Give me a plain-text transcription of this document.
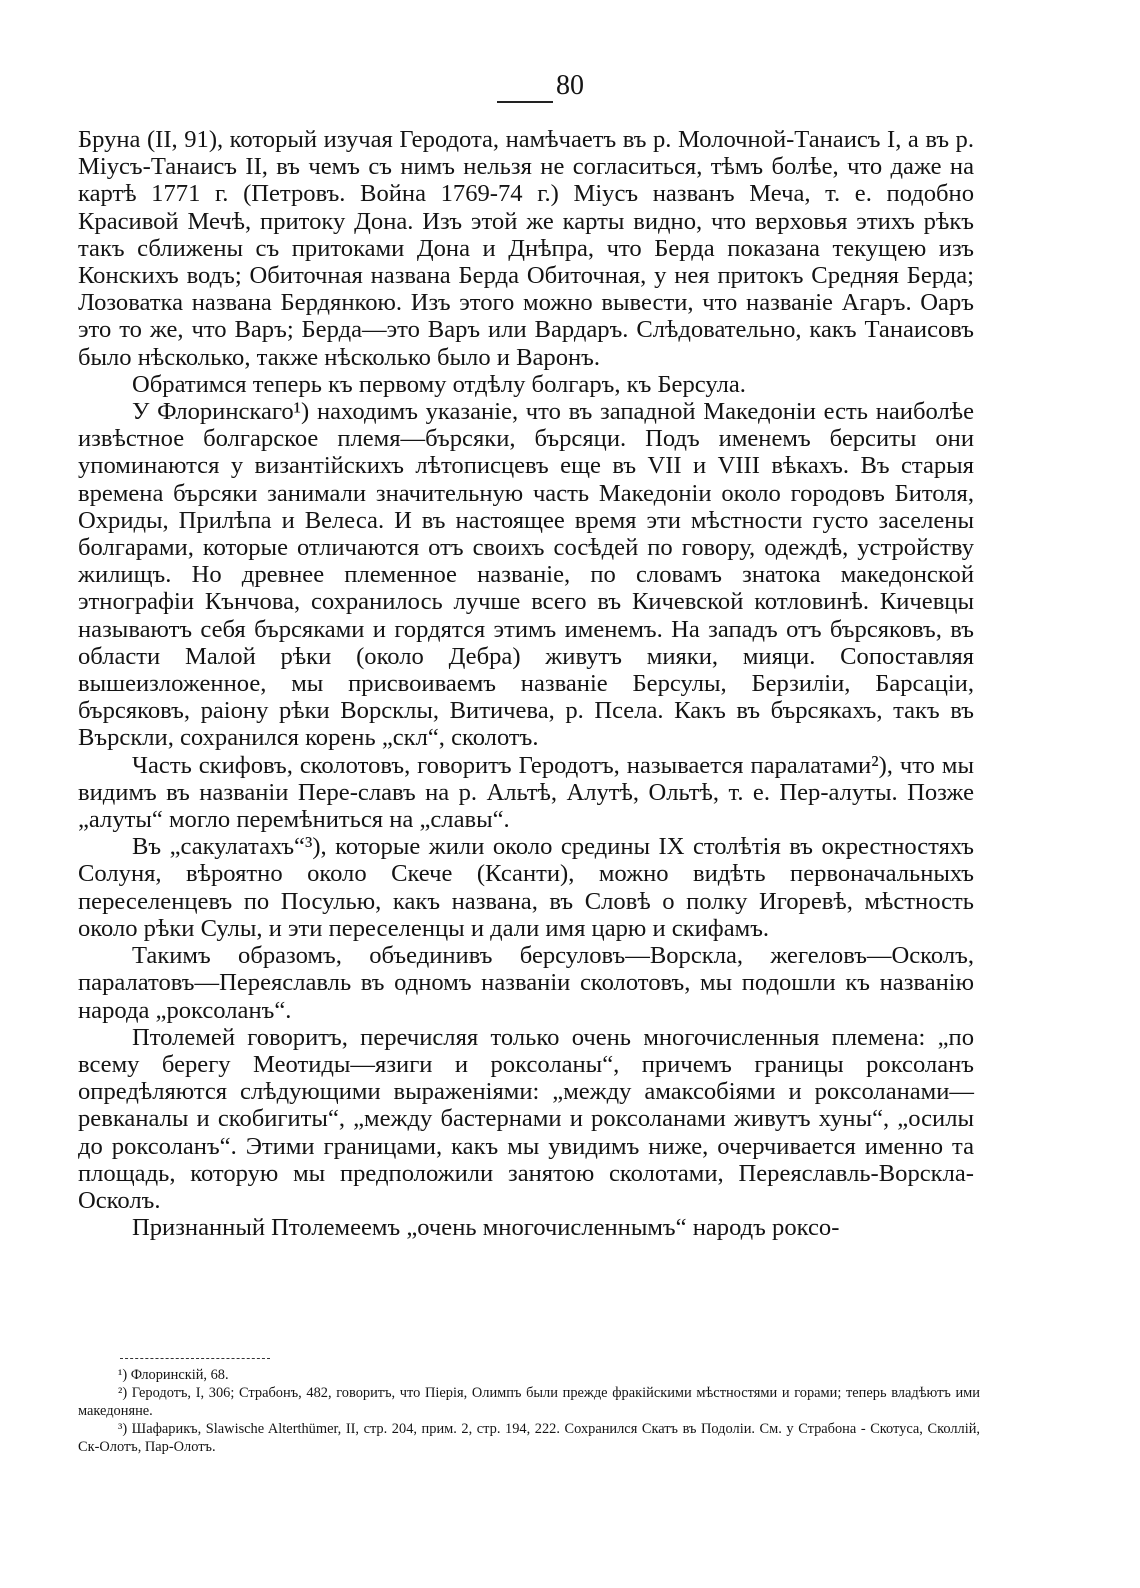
80

Бруна (II, 91), который изучая Геродота, намѣчаетъ въ р. Молочной-Танаисъ I, а въ р. Міусъ-Танаисъ II, въ чемъ съ нимъ нельзя не согласиться, тѣмъ болѣе, что даже на картѣ 1771 г. (Петровъ. Война 1769-74 г.) Міусъ названъ Меча, т. е. подобно Красивой Мечѣ, притоку Дона. Изъ этой же карты видно, что верховья этихъ рѣкъ такъ сближены съ притоками Дона и Днѣпра, что Берда показана текущею изъ Конскихъ водъ; Обиточная названа Берда Обиточная, у нея притокъ Средняя Берда; Лозоватка названа Бердянкою. Изъ этого можно вывести, что названіе Агаръ. Оаръ это то же, что Варъ; Берда—это Варъ или Вардаръ. Слѣдовательно, какъ Танаисовъ было нѣсколько, также нѣсколько было и Варонъ.

Обратимся теперь къ первому отдѣлу болгаръ, къ Берсула.

У Флоринскаго¹) находимъ указаніе, что въ западной Македоніи есть наиболѣе извѣстное болгарское племя—бърсяки, бърсяци. Подъ именемъ берситы они упоминаются у византійскихъ лѣтописцевъ еще въ VII и VIII вѣкахъ. Въ старыя времена бърсяки занимали значительную часть Македоніи около городовъ Битоля, Охриды, Прилѣпа и Велеса. И въ настоящее время эти мѣстности густо заселены болгарами, которые отличаются отъ своихъ сосѣдей по говору, одеждѣ, устройству жилищъ. Но древнее племенное названіе, по словамъ знатока македонской этнографіи Кънчова, сохранилось лучше всего въ Кичевской котловинѣ. Кичевцы называютъ себя бърсяками и гордятся этимъ именемъ. На западъ отъ бърсяковъ, въ области Малой рѣки (около Дебра) живутъ мияки, мияци. Сопоставляя вышеизложенное, мы присвоиваемъ названіе Берсулы, Берзиліи, Барсаціи, бърсяковъ, раіону рѣки Ворсклы, Витичева, р. Псела. Какъ въ бърсякахъ, такъ въ Върскли, сохранился корень „скл“, сколотъ.

Часть скифовъ, сколотовъ, говоритъ Геродотъ, называется паралатами²), что мы видимъ въ названіи Пере-славъ на р. Альтѣ, Алутѣ, Ольтѣ, т. е. Пер-алуты. Позже „алуты“ могло перемѣниться на „славы“.

Въ „сакулатахъ“³), которые жили около средины IX столѣтія въ окрестностяхъ Солуня, вѣроятно около Скече (Ксанти), можно видѣть первоначальныхъ переселенцевъ по Посулью, какъ названа, въ Словѣ о полку Игоревѣ, мѣстность около рѣки Сулы, и эти переселенцы и дали имя царю и скифамъ.

Такимъ образомъ, объединивъ берсуловъ—Ворскла, жегеловъ—Осколъ, паралатовъ—Переяславль въ одномъ названіи сколотовъ, мы подошли къ названію народа „роксоланъ“.

Птолемей говоритъ, перечисляя только очень многочисленныя племена: „по всему берегу Меотиды—язиги и роксоланы“, причемъ границы роксоланъ опредѣляются слѣдующими выраженіями: „между амаксобіями и роксоланами—ревканалы и скобигиты“, „между бастернами и роксоланами живутъ хуны“, „осилы до роксоланъ“. Этими границами, какъ мы увидимъ ниже, очерчивается именно та площадь, которую мы предположили занятою сколотами, Переяславль-Ворскла-Осколъ.

Признанный Птолемеемъ „очень многочисленнымъ“ народъ роксо-

¹) Флоринскій, 68.

²) Геродотъ, I, 306; Страбонъ, 482, говоритъ, что Піерія, Олимпъ были прежде фракійскими мѣстностями и горами; теперь владѣютъ ими македоняне.

³) Шафарикъ, Slawische Alterthümer, II, стр. 204, прим. 2, стр. 194, 222. Сохранился Скатъ въ Подоліи. См. у Страбона - Скотуса, Сколлій, Ск-Олотъ, Пар-Олотъ.
